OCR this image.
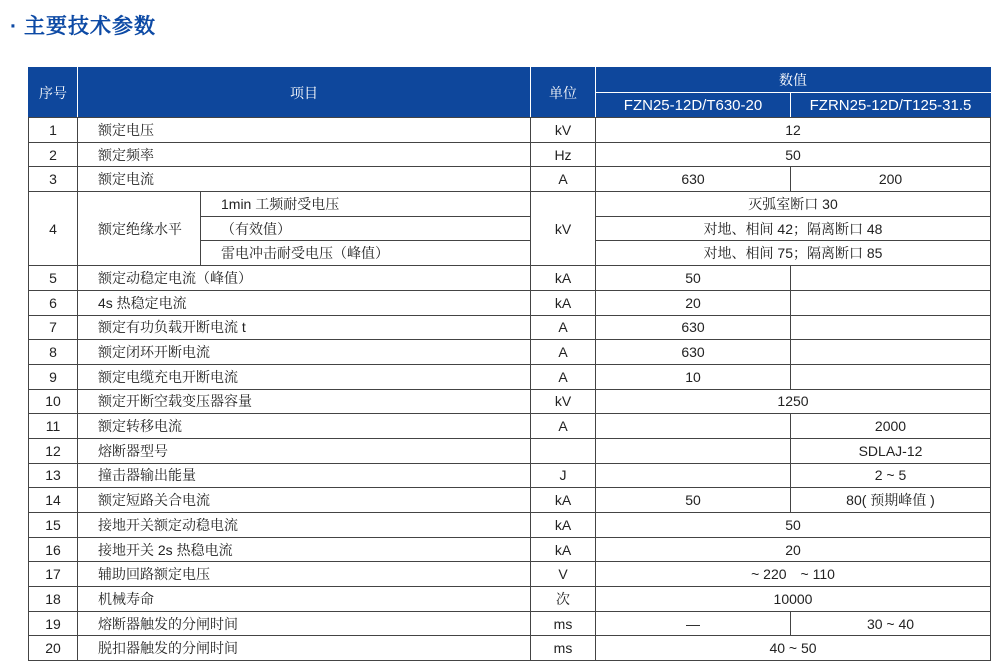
· 主要技术参数
序号	项目		单位	数值	
				FZN25-12D/T630-20	FZRN25-12D/T125-31.5
1	额定电压		kV	12	
2	额定频率		Hz	50	
3	额定电流		A	630	200
4	额定绝缘水平	1min 工频耐受电压	kV	灭弧室断口 30	
		（有效值）		对地、相间 42；隔离断口 48	
		雷电冲击耐受电压（峰值）		对地、相间 75；隔离断口 85	
5	额定动稳定电流（峰值）		kA	50	
6	4s 热稳定电流		kA	20	
7	额定有功负载开断电流 t		A	630	
8	额定闭环开断电流		A	630	
9	额定电缆充电开断电流		A	10	
10	额定开断空载变压器容量		kV	1250	
11	额定转移电流		A		2000
12	熔断器型号				SDLAJ-12
13	撞击器输出能量		J		2 ~ 5
14	额定短路关合电流		kA	50	80( 预期峰值 )
15	接地开关额定动稳电流		kA	50	
16	接地开关 2s 热稳电流		kA	20	
17	辅助回路额定电压		V	~ 220　~ 110	
18	机械寿命		次	10000	
19	熔断器触发的分闸时间		ms	—	30 ~ 40
20	脱扣器触发的分闸时间		ms	40 ~ 50	
